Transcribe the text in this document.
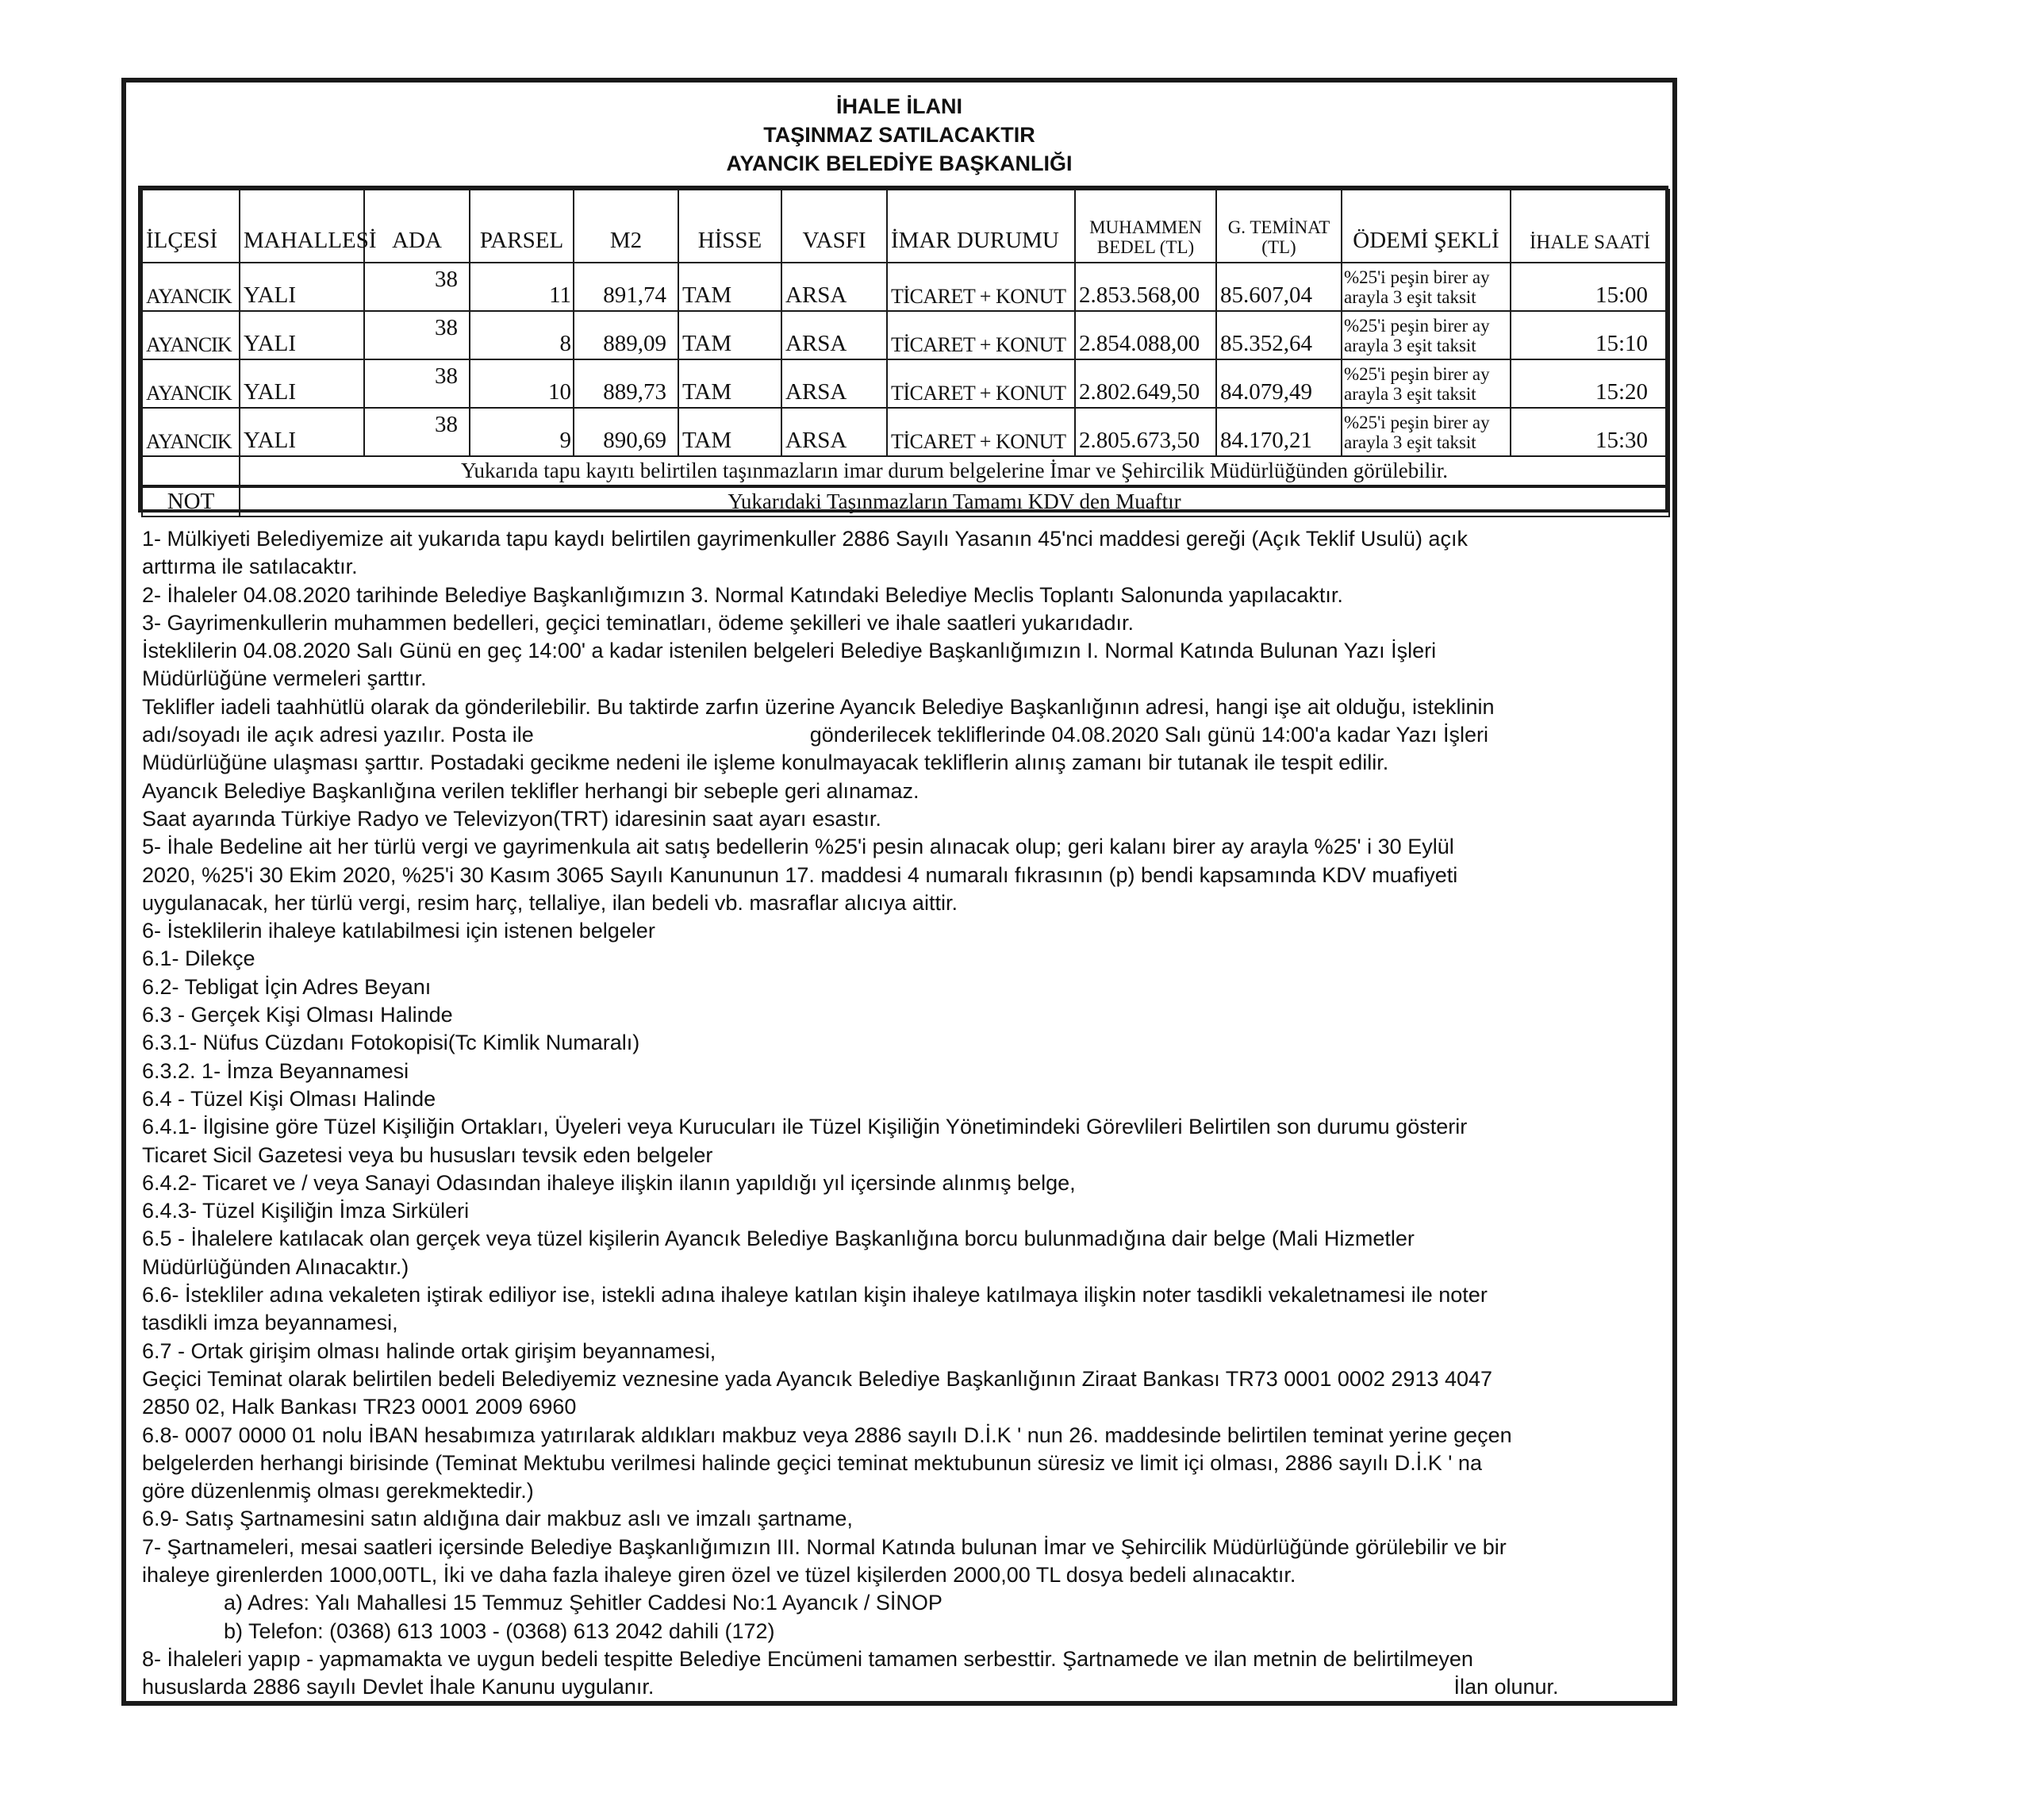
İHALE İLANI
TAŞINMAZ SATILACAKTIR
AYANCIK BELEDİYE BAŞKANLIĞI
İLÇESİ	MAHALLESİ	ADA	PARSEL	M2	HİSSE	VASFI	İMAR DURUMU	MUHAMMEN BEDEL (TL)	G. TEMİNAT (TL)	ÖDEMİ ŞEKLİ	İHALE SAATİ
AYANCIK	YALI	38	11	891,74	TAM	ARSA	TİCARET + KONUT	2.853.568,00	85.607,04	%25'i peşin birer ay arayla 3 eşit taksit	15:00
AYANCIK	YALI	38	8	889,09	TAM	ARSA	TİCARET + KONUT	2.854.088,00	85.352,64	%25'i peşin birer ay arayla 3 eşit taksit	15:10
AYANCIK	YALI	38	10	889,73	TAM	ARSA	TİCARET + KONUT	2.802.649,50	84.079,49	%25'i peşin birer ay arayla 3 eşit taksit	15:20
AYANCIK	YALI	38	9	890,69	TAM	ARSA	TİCARET + KONUT	2.805.673,50	84.170,21	%25'i peşin birer ay arayla 3 eşit taksit	15:30
	Yukarıda tapu kayıtı belirtilen taşınmazların imar durum belgelerine İmar ve Şehircilik Müdürlüğünden görülebilir.										
NOT	Yukarıdaki Taşınmazların Tamamı KDV den Muaftır										
1- Mülkiyeti Belediyemize ait yukarıda tapu kaydı belirtilen gayrimenkuller 2886 Sayılı Yasanın 45'nci maddesi gereği (Açık Teklif Usulü) açık
arttırma ile satılacaktır.
2- İhaleler 04.08.2020 tarihinde Belediye Başkanlığımızın 3. Normal Katındaki Belediye Meclis Toplantı Salonunda yapılacaktır.
3- Gayrimenkullerin muhammen bedelleri, geçici teminatları, ödeme şekilleri ve ihale saatleri yukarıdadır.
İsteklilerin 04.08.2020 Salı Günü en geç 14:00' a kadar istenilen belgeleri Belediye Başkanlığımızın I. Normal Katında Bulunan Yazı İşleri
Müdürlüğüne vermeleri şarttır.
Teklifler iadeli taahhütlü olarak da gönderilebilir. Bu taktirde zarfın üzerine Ayancık Belediye Başkanlığının adresi, hangi işe ait olduğu, isteklinin
adı/soyadı ile açık adresi yazılır. Posta ile	gönderilecek tekliflerinde 04.08.2020 Salı günü 14:00'a kadar Yazı İşleri
Müdürlüğüne ulaşması şarttır. Postadaki gecikme nedeni ile işleme konulmayacak tekliflerin alınış zamanı bir tutanak ile tespit edilir.
Ayancık Belediye Başkanlığına verilen teklifler herhangi bir sebeple geri alınamaz.
Saat ayarında Türkiye Radyo ve Televizyon(TRT) idaresinin saat ayarı esastır.
5- İhale Bedeline ait her türlü vergi ve gayrimenkula ait satış bedellerin %25'i pesin alınacak olup; geri kalanı birer ay arayla %25' i 30 Eylül
2020, %25'i 30 Ekim 2020, %25'i 30 Kasım 3065 Sayılı Kanununun 17. maddesi 4 numaralı fıkrasının (p) bendi kapsamında KDV muafiyeti
uygulanacak, her türlü vergi, resim harç, tellaliye, ilan bedeli vb. masraflar alıcıya aittir.
6- İsteklilerin ihaleye katılabilmesi için istenen belgeler
6.1- Dilekçe
6.2- Tebligat İçin Adres Beyanı
6.3 - Gerçek Kişi Olması Halinde
6.3.1- Nüfus Cüzdanı Fotokopisi(Tc Kimlik Numaralı)
6.3.2. 1- İmza Beyannamesi
6.4 - Tüzel Kişi Olması Halinde
6.4.1- İlgisine göre Tüzel Kişiliğin Ortakları, Üyeleri veya Kurucuları ile Tüzel Kişiliğin Yönetimindeki Görevlileri Belirtilen son durumu gösterir
Ticaret Sicil Gazetesi veya bu hususları tevsik eden belgeler
6.4.2- Ticaret ve / veya Sanayi Odasından ihaleye ilişkin ilanın yapıldığı yıl içersinde alınmış belge,
6.4.3- Tüzel Kişiliğin İmza Sirküleri
6.5 - İhalelere katılacak olan gerçek veya tüzel kişilerin Ayancık Belediye Başkanlığına borcu bulunmadığına dair belge (Mali Hizmetler
Müdürlüğünden Alınacaktır.)
6.6- İstekliler adına vekaleten iştirak ediliyor ise, istekli adına ihaleye katılan kişin ihaleye katılmaya ilişkin noter tasdikli vekaletnamesi ile noter
tasdikli imza beyannamesi,
6.7 - Ortak girişim olması halinde ortak girişim beyannamesi,
Geçici Teminat olarak belirtilen bedeli Belediyemiz veznesine yada Ayancık Belediye Başkanlığının Ziraat Bankası TR73 0001 0002 2913 4047
2850 02, Halk Bankası TR23 0001 2009 6960
6.8- 0007 0000 01 nolu İBAN hesabımıza yatırılarak aldıkları makbuz veya 2886 sayılı D.İ.K ' nun 26. maddesinde belirtilen teminat yerine geçen
belgelerden herhangi birisinde (Teminat Mektubu verilmesi halinde geçici teminat mektubunun süresiz ve limit içi olması, 2886 sayılı D.İ.K ' na
göre düzenlenmiş olması gerekmektedir.)
6.9- Satış Şartnamesini satın aldığına dair makbuz aslı ve imzalı şartname,
7- Şartnameleri, mesai saatleri içersinde Belediye Başkanlığımızın III. Normal Katında bulunan İmar ve Şehircilik Müdürlüğünde görülebilir ve bir
ihaleye girenlerden 1000,00TL, İki ve daha fazla ihaleye giren özel ve tüzel kişilerden 2000,00 TL dosya bedeli alınacaktır.
a) Adres: Yalı Mahallesi 15 Temmuz Şehitler Caddesi No:1 Ayancık / SİNOP
b) Telefon: (0368) 613 1003 - (0368) 613 2042 dahili (172)
8- İhaleleri yapıp - yapmamakta ve uygun bedeli tespitte Belediye Encümeni tamamen serbesttir. Şartnamede ve ilan metnin de belirtilmeyen
hususlarda 2886 sayılı Devlet İhale Kanunu uygulanır.	İlan olunur.
